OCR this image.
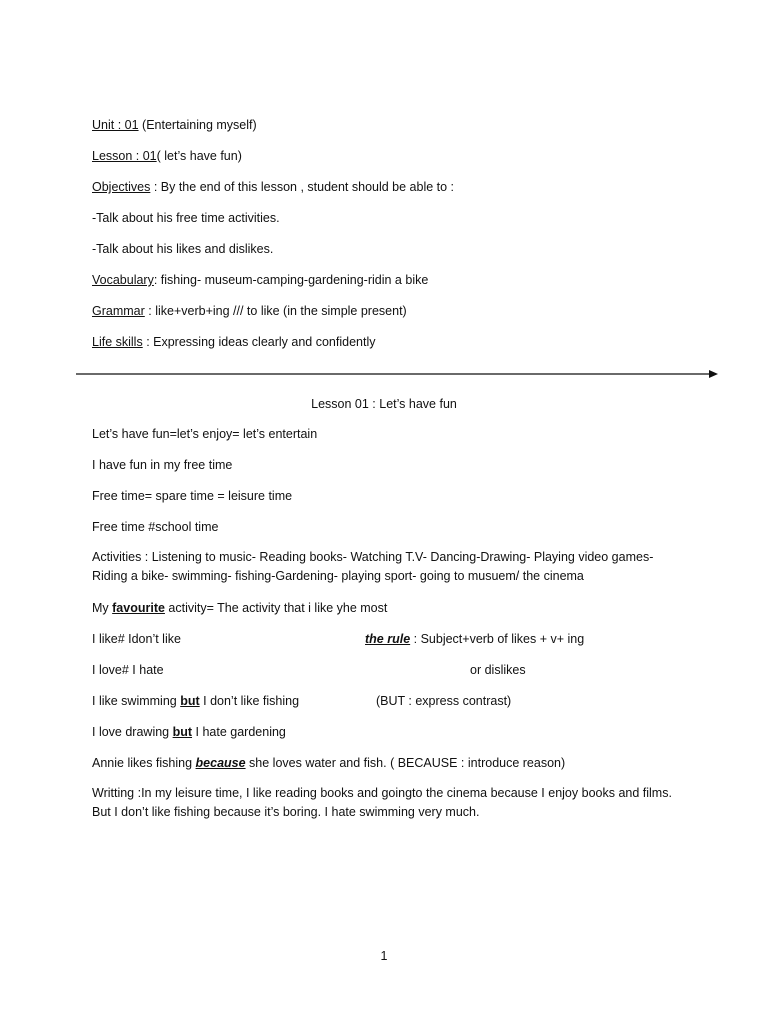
Unit : 01 (Entertaining myself)
Lesson : 01( let’s have fun)
Objectives : By the end of this lesson , student should be able to :
-Talk about his free time activities.
-Talk about his likes and dislikes.
Vocabulary: fishing- museum-camping-gardening-ridin a bike
Grammar : like+verb+ing /// to like (in the simple present)
Life skills : Expressing ideas clearly and confidently
Lesson 01 : Let’s have fun
Let’s have fun=let’s enjoy= let’s entertain
I have fun in my free time
Free time= spare time = leisure time
Free time #school time
Activities : Listening to music- Reading books- Watching T.V- Dancing-Drawing- Playing video games- Riding a bike- swimming- fishing-Gardening- playing sport- going to musuem/ the cinema
My favourite activity= The activity that i like yhe most
I like# Idon’t like	the rule : Subject+verb of likes + v+ ing
I love# I hate	or dislikes
I like swimming but I don’t like fishing	(BUT : express contrast)
I love drawing but I hate gardening
Annie likes fishing because she loves water and fish. ( BECAUSE : introduce reason)
Writting :In my leisure time, I like reading books and goingto the cinema because I enjoy books and films. But I don’t like fishing because it’s boring. I hate swimming very much.
1
